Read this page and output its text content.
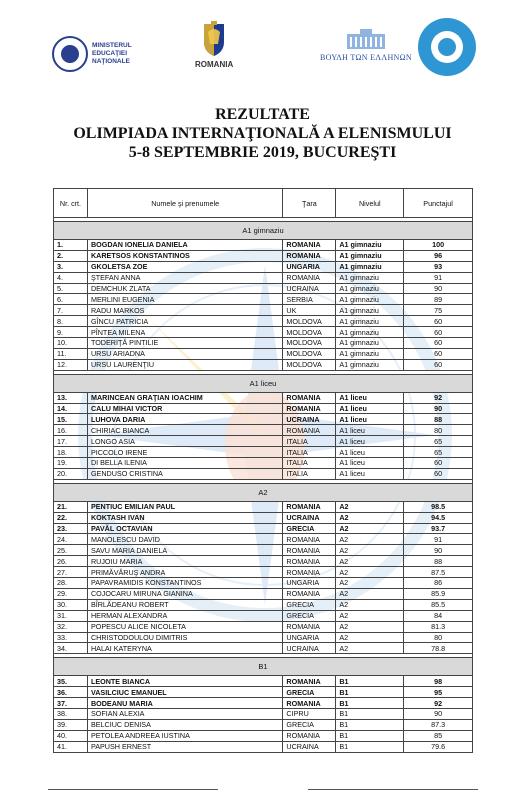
MINISTERUL
EDUCAŢIEI
NAŢIONALE	ROMANIA
ΒΟΥΛΗ ΤΩΝ ΕΛΛΗΝΩΝ
REZULTATE
OLIMPIADA INTERNAŢIONALĂ A ELENISMULUI
5-8 SEPTEMBRIE 2019, BUCUREŞTI
Nr. crt.	Numele şi prenumele	Ţara	Nivelul	Punctajul

A1 gimnaziu				
1.	BOGDAN IONELIA DANIELA	ROMANIA	A1 gimnaziu	100
2.	KARETSOS KONSTANTINOS	ROMANIA	A1 gimnaziu	96
3.	GKOLETSA ZOE	UNGARIA	A1 gimnaziu	93
4.	ŞTEFAN ANNA	ROMANIA	A1 gimnaziu	91
5.	DEMCHUK ZLATA	UCRAINA	A1 gimnaziu	90
6.	MERLINI EUGENIA	SERBIA	A1 gimnaziu	89
7.	RADU MARKOS	UK	A1 gimnaziu	75
8.	GÎNCU PATRICIA	MOLDOVA	A1 gimnaziu	60
9.	PÎNTEA MILENA	MOLDOVA	A1 gimnaziu	60
10.	TODERIŢĂ PINTILIE	MOLDOVA	A1 gimnaziu	60
11.	URSU ARIADNA	MOLDOVA	A1 gimnaziu	60
12.	URSU LAURENŢIU	MOLDOVA	A1 gimnaziu	60

A1 liceu				
13.	MARINCEAN GRAŢIAN IOACHIM	ROMANIA	A1 liceu	92
14.	CALU MIHAI VICTOR	ROMANIA	A1 liceu	90
15.	LUHOVA DARIA	UCRAINA	A1 liceu	88
16.	CHIRIAC BIANCA	ROMANIA	A1 liceu	80
17.	LONGO ASIA	ITALIA	A1 liceu	65
18.	PICCOLO IRENE	ITALIA	A1 liceu	65
19.	DI BELLA ILENIA	ITALIA	A1 liceu	60
20.	GENDUSO CRISTINA	ITALIA	A1 liceu	60

A2				
21.	PENTIUC EMILIAN PAUL	ROMANIA	A2	98.5
22.	KOKTASH IVAN	UCRAINA	A2	94.5
23.	PAVĂL OCTAVIAN	GRECIA	A2	93.7
24.	MANOLESCU DAVID	ROMANIA	A2	91
25.	SAVU MARIA DANIELA	ROMANIA	A2	90
26.	RUJOIU MARIA	ROMANIA	A2	88
27.	PRIMĂVĂRUŞ ANDRA	ROMANIA	A2	87.5
28.	PAPAVRAMIDIS KONSTANTINOS	UNGARIA	A2	86
29.	COJOCARU MIRUNA GIANINA	ROMANIA	A2	85.9
30.	BÎRLĂDEANU ROBERT	GRECIA	A2	85.5
31.	HERMAN ALEXANDRA	GRECIA	A2	84
32.	POPESCU ALICE NICOLETA	ROMANIA	A2	81.3
33.	CHRISTODOULOU DIMITRIS	UNGARIA	A2	80
34.	HALAI KATERYNA	UCRAINA	A2	78.8

B1				
35.	LEONTE BIANCA	ROMANIA	B1	98
36.	VASILCIUC EMANUEL	GRECIA	B1	95
37.	BODEANU MARIA	ROMANIA	B1	92
38.	SOFIAN ALEXIA	CIPRU	B1	90
39.	BELCIUC DENISA	GRECIA	B1	87.3
40.	PETOLEA ANDREEA IUSTINA	ROMANIA	B1	85
41.	PAPUSH ERNEST	UCRAINA	B1	79.6
